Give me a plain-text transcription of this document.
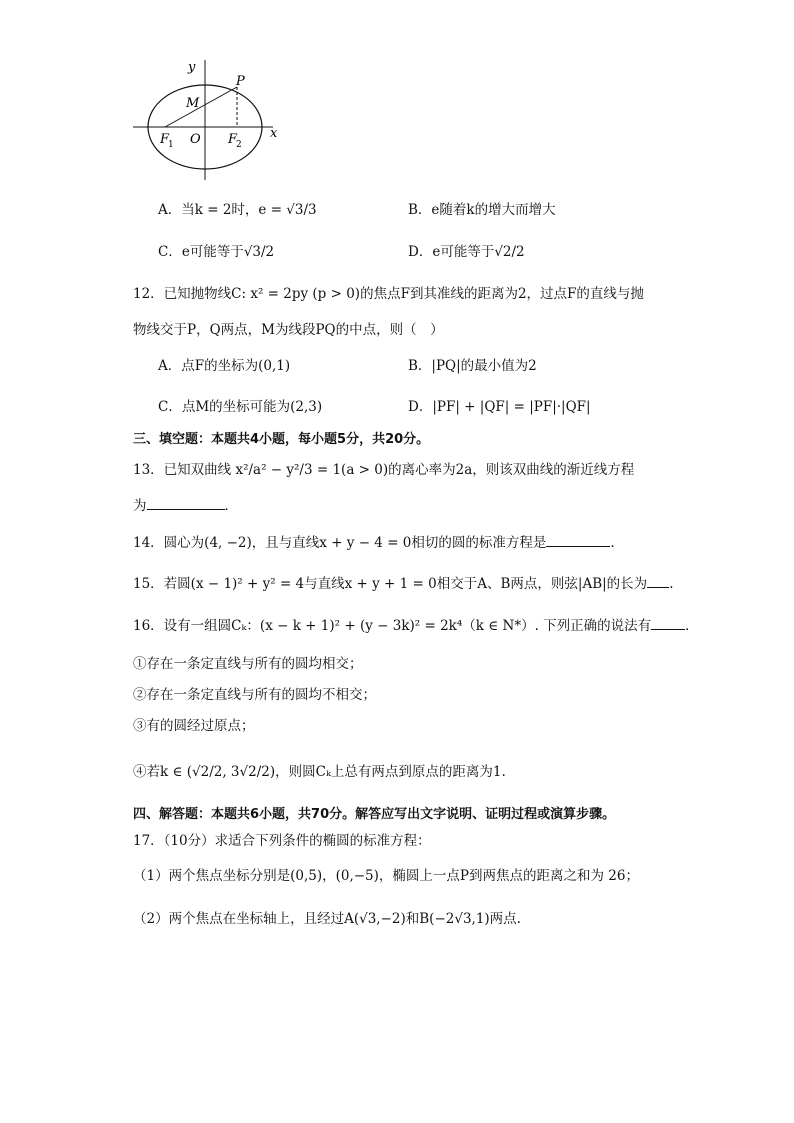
y
x
P
M
F
1 O F
2
A．当k = 2时，e = √3/3	B．e随着k的增大而增大
C．e可能等于√3/2	D．e可能等于√2/2
12．已知抛物线C: x² = 2py (p > 0)的焦点F到其准线的距离为2，过点F的直线与抛
物线交于P，Q两点，M为线段PQ的中点，则（　）
A．点F的坐标为(0,1)	B．|PQ|的最小值为2
C．点M的坐标可能为(2,3)	D．|PF| + |QF| = |PF|·|QF|
三、填空题：本题共4小题，每小题5分，共20分。
13．已知双曲线 x²/a² − y²/3 = 1(a > 0)的离心率为2a，则该双曲线的渐近线方程
为	．
14．圆心为(4, −2)，且与直线x + y − 4 = 0相切的圆的标准方程是	.
15．若圆(x − 1)² + y² = 4与直线x + y + 1 = 0相交于A、B两点，则弦|AB|的长为 .
16．设有一组圆Cₖ：(x − k + 1)² + (y − 3k)² = 2k⁴（k ∈ N*）. 下列正确的说法有	．
①存在一条定直线与所有的圆均相交；
②存在一条定直线与所有的圆均不相交；
③有的圆经过原点；
④若k ∈ (√2/2, 3√2/2)，则圆Cₖ上总有两点到原点的距离为1.
四、解答题：本题共6小题，共70分。解答应写出文字说明、证明过程或演算步骤。
17．（10分）求适合下列条件的椭圆的标准方程：
（1）两个焦点坐标分别是(0,5)，(0,−5)，椭圆上一点P到两焦点的距离之和为 26；
（2）两个焦点在坐标轴上，且经过A(√3,−2)和B(−2√3,1)两点.
